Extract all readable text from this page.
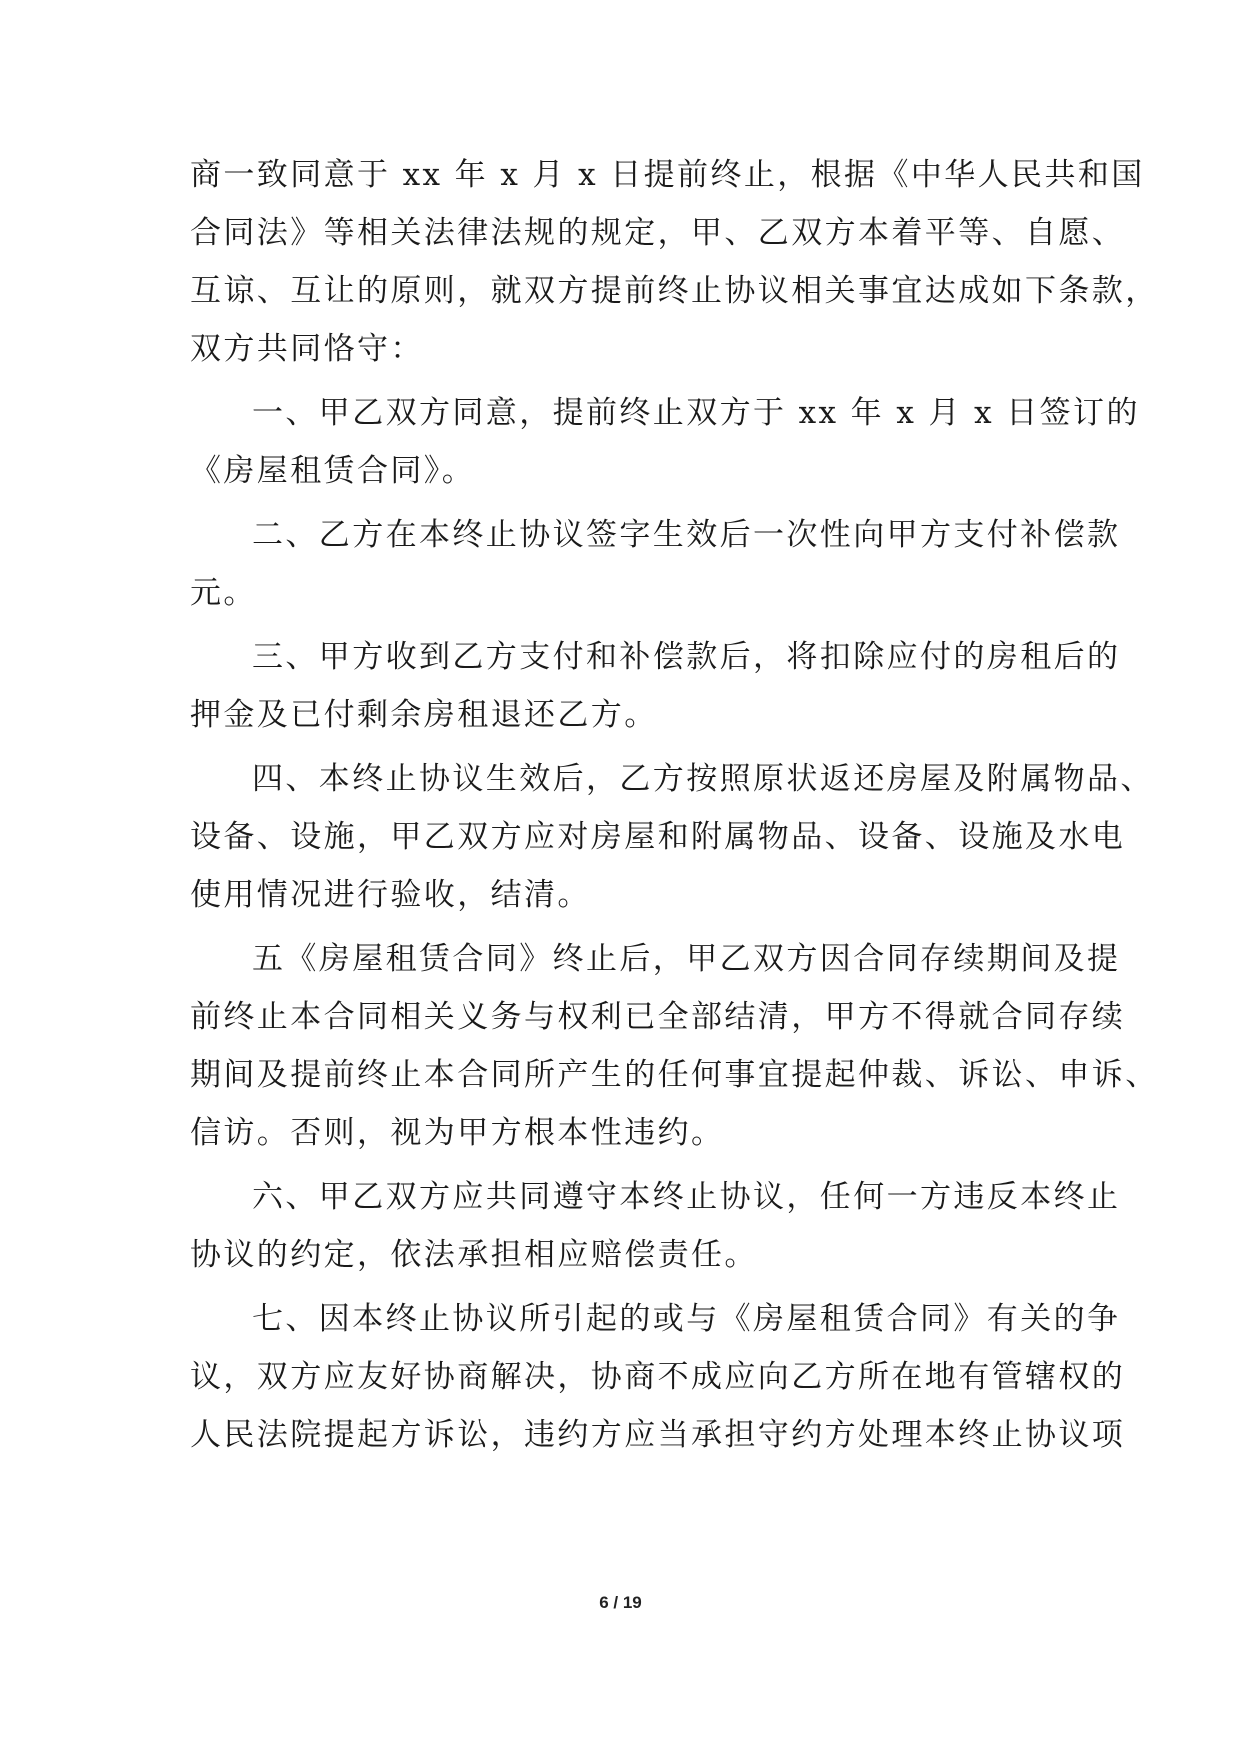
商一致同意于 xx 年 x 月 x 日提前终止，根据《中华人民共和国
合同法》等相关法律法规的规定，甲、乙双方本着平等、自愿、
互谅、互让的原则，就双方提前终止协议相关事宜达成如下条款，
双方共同恪守：
一、甲乙双方同意，提前终止双方于 xx 年 x 月 x 日签订的
《房屋租赁合同》。
二、乙方在本终止协议签字生效后一次性向甲方支付补偿款
元。
三、甲方收到乙方支付和补偿款后，将扣除应付的房租后的
押金及已付剩余房租退还乙方。
四、本终止协议生效后，乙方按照原状返还房屋及附属物品、
设备、设施，甲乙双方应对房屋和附属物品、设备、设施及水电
使用情况进行验收，结清。
五《房屋租赁合同》终止后，甲乙双方因合同存续期间及提
前终止本合同相关义务与权利已全部结清，甲方不得就合同存续
期间及提前终止本合同所产生的任何事宜提起仲裁、诉讼、申诉、
信访。否则，视为甲方根本性违约。
六、甲乙双方应共同遵守本终止协议，任何一方违反本终止
协议的约定，依法承担相应赔偿责任。
七、因本终止协议所引起的或与《房屋租赁合同》有关的争
议，双方应友好协商解决，协商不成应向乙方所在地有管辖权的
人民法院提起方诉讼，违约方应当承担守约方处理本终止协议项
6 / 19
